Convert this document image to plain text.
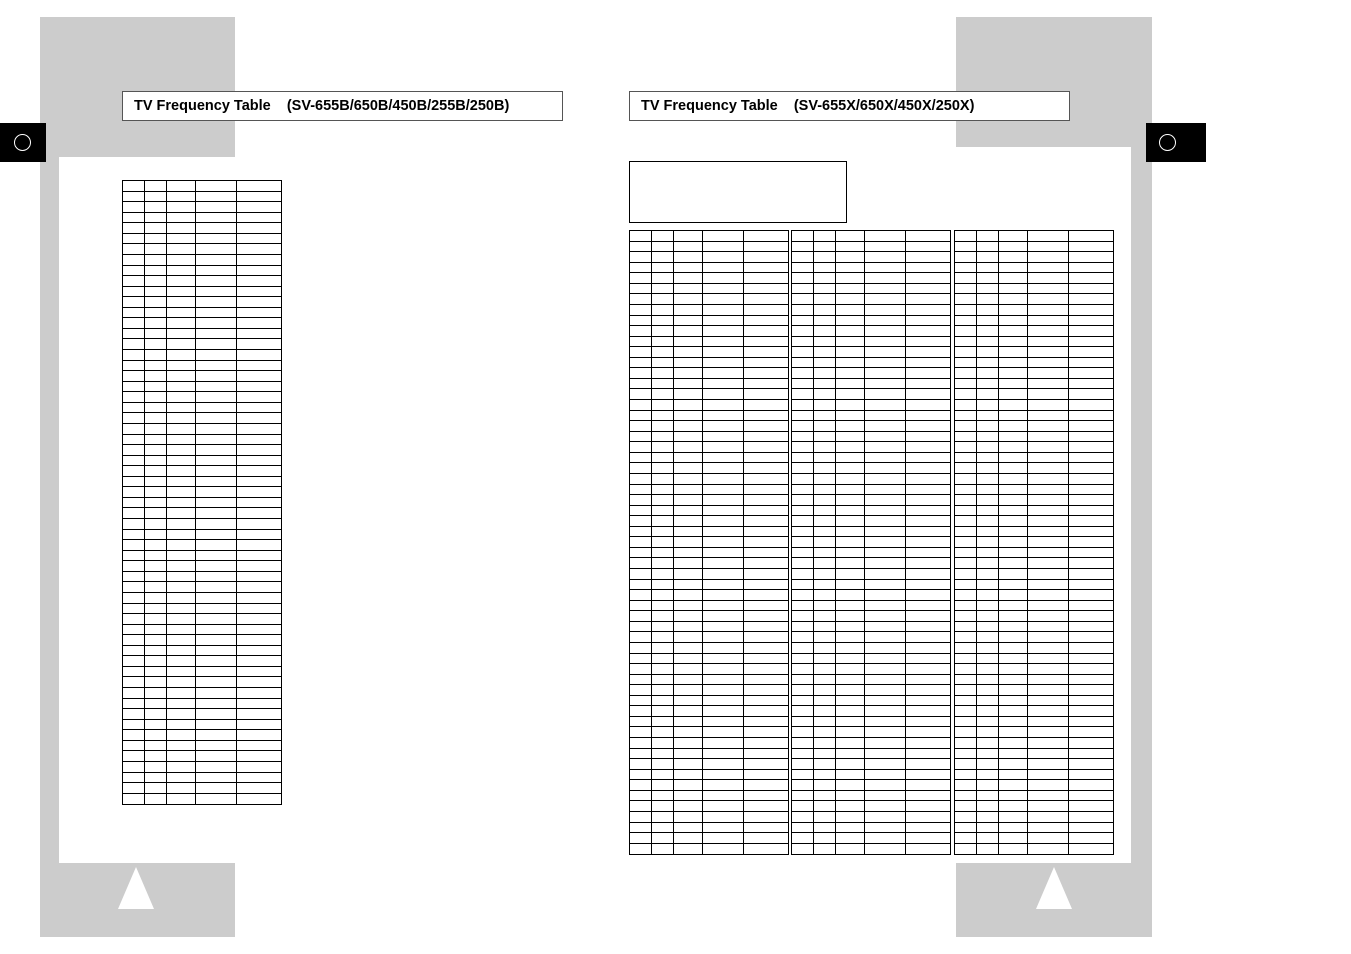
TV Frequency Table    (SV-655B/650B/450B/255B/250B)

					TV Frequency Table    (SV-655X/650X/450X/250X)
